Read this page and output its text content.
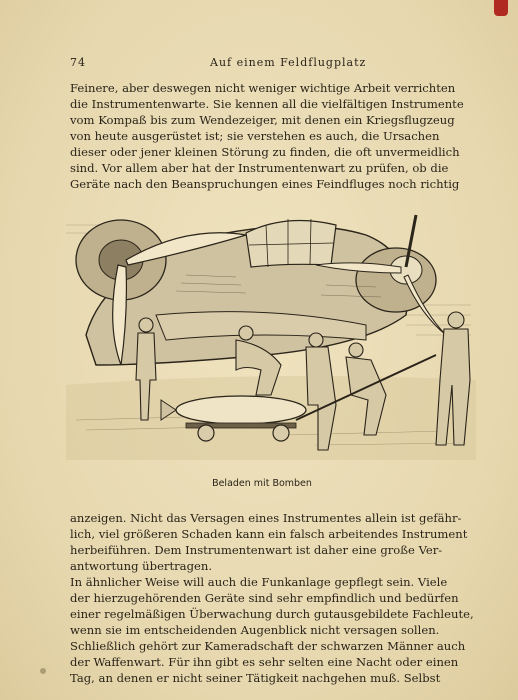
74	Auf einem Feldflugplatz

Feinere, aber deswegen nicht weniger wichtige Arbeit verrichten
die Instrumentenwarte. Sie kennen all die vielfältigen Instrumente
vom Kompaß bis zum Wendezeiger, mit denen ein Kriegsflugzeug
von heute ausgerüstet ist; sie verstehen es auch, die Ursachen
dieser oder jener kleinen Störung zu finden, die oft unvermeidlich
sind. Vor allem aber hat der Instrumentenwart zu prüfen, ob die
Geräte nach den Beanspruchungen eines Feindfluges noch richtig

Beladen mit Bomben

anzeigen. Nicht das Versagen eines Instrumentes allein ist gefähr-
lich, viel größeren Schaden kann ein falsch arbeitendes Instrument
herbeiführen. Dem Instrumentenwart ist daher eine große Ver-
antwortung übertragen.
In ähnlicher Weise will auch die Funkanlage gepflegt sein. Viele
der hierzugehörenden Geräte sind sehr empfindlich und bedürfen
einer regelmäßigen Überwachung durch gutausgebildete Fachleute,
wenn sie im entscheidenden Augenblick nicht versagen sollen.
Schließlich gehört zur Kameradschaft der schwarzen Männer auch
der Waffenwart. Für ihn gibt es sehr selten eine Nacht oder einen
Tag, an denen er nicht seiner Tätigkeit nachgehen muß. Selbst
